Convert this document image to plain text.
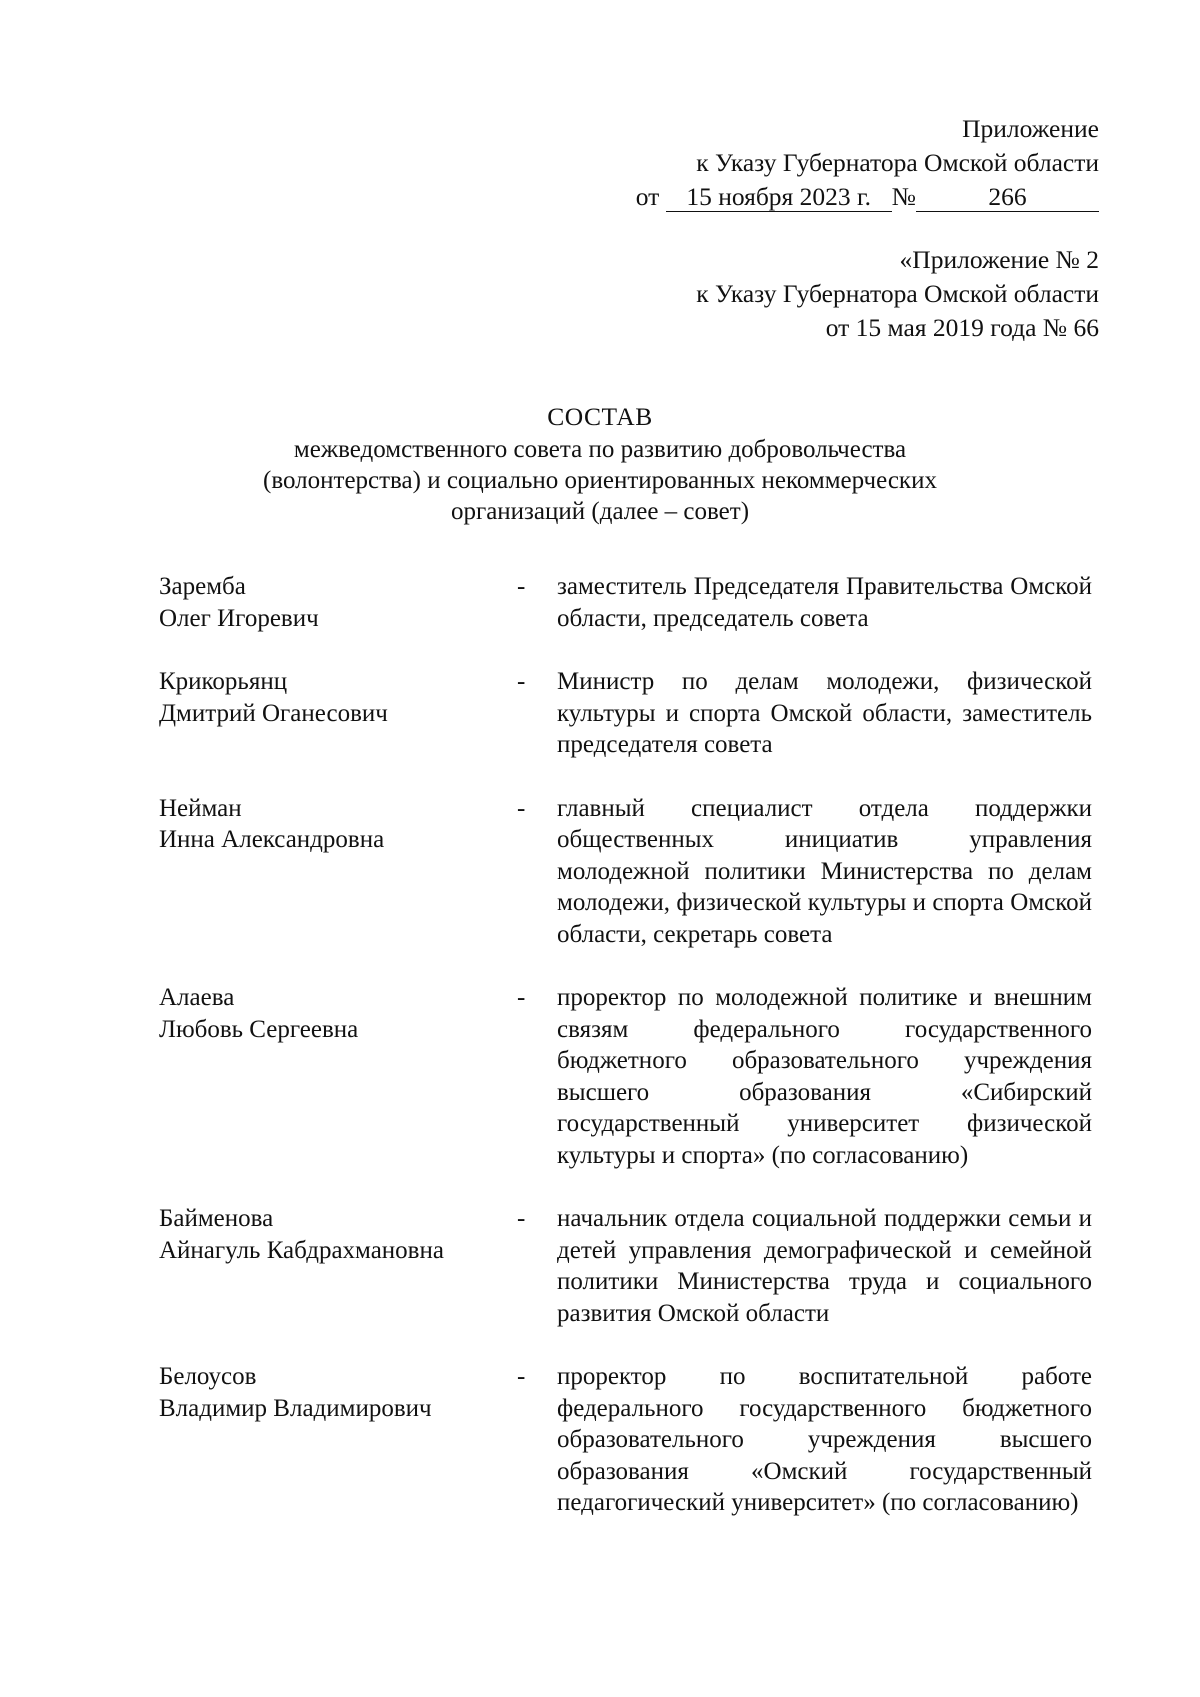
Приложение
к Указу Губернатора Омской области
от 15 ноября 2023 г. №	266
«Приложение № 2
к Указу Губернатора Омской области
от 15 мая 2019 года № 66
СОСТАВ
межведомственного совета по развитию добровольчества
(волонтерства) и социально ориентированных некоммерческих
организаций (далее – совет)
Заремба
Олег Игоревич
-	заместитель Председателя Правительства Омской области, председатель совета
Крикорьянц
Дмитрий Оганесович
-	Министр по делам молодежи, физической культуры и спорта Омской области, заместитель председателя совета
Нейман
Инна Александровна
-	главный специалист отдела поддержки общественных инициатив управления молодежной политики Министерства по делам молодежи, физической культуры и спорта Омской области, секретарь совета
Алаева
Любовь Сергеевна
-	проректор по молодежной политике и внешним связям федерального государственного бюджетного образовательного учреждения высшего образования «Сибирский государственный университет физической культуры и спорта» (по согласованию)
Байменова
Айнагуль Кабдрахмановна
-	начальник отдела социальной поддержки семьи и детей управления демографической и семейной политики Министерства труда и социального развития Омской области
Белоусов
Владимир Владимирович
-	проректор по воспитательной работе федерального государственного бюджетного образовательного учреждения высшего образования «Омский государственный педагогический университет» (по согласованию)
